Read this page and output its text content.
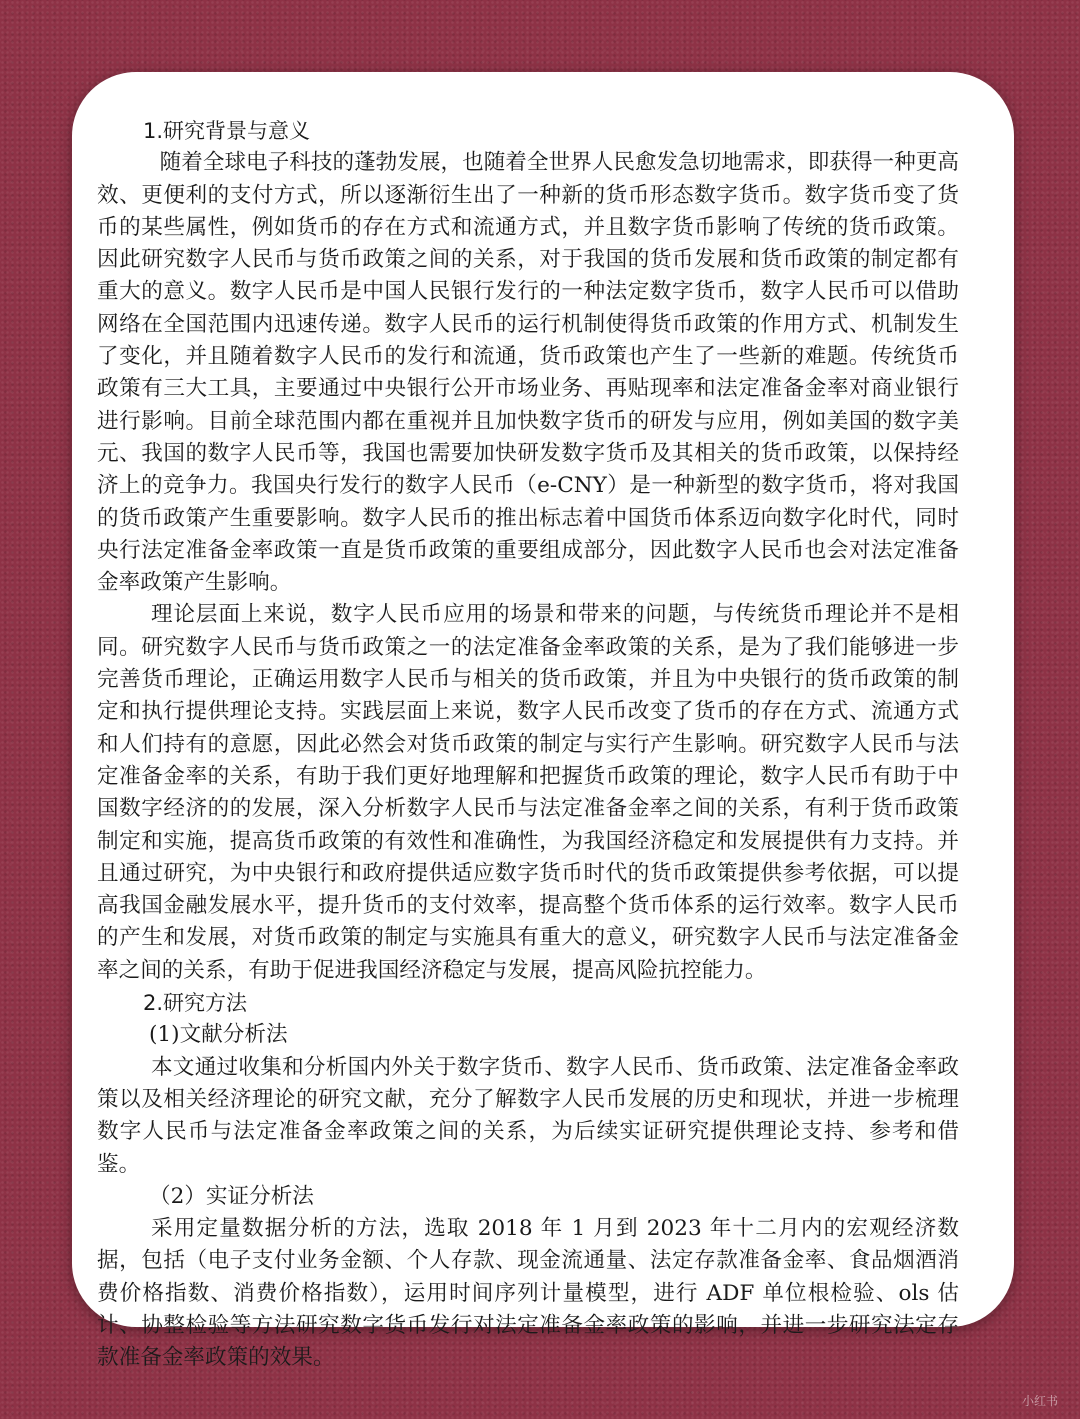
1.研究背景与意义

随着全球电子科技的蓬勃发展，也随着全世界人民愈发急切地需求，即获得一种更高效、更便利的支付方式，所以逐渐衍生出了一种新的货币形态数字货币。数字货币变了货币的某些属性，例如货币的存在方式和流通方式，并且数字货币影响了传统的货币政策。因此研究数字人民币与货币政策之间的关系，对于我国的货币发展和货币政策的制定都有重大的意义。数字人民币是中国人民银行发行的一种法定数字货币，数字人民币可以借助网络在全国范围内迅速传递。数字人民币的运行机制使得货币政策的作用方式、机制发生了变化，并且随着数字人民币的发行和流通，货币政策也产生了一些新的难题。传统货币政策有三大工具，主要通过中央银行公开市场业务、再贴现率和法定准备金率对商业银行进行影响。目前全球范围内都在重视并且加快数字货币的研发与应用，例如美国的数字美元、我国的数字人民币等，我国也需要加快研发数字货币及其相关的货币政策，以保持经济上的竞争力。我国央行发行的数字人民币（e-CNY）是一种新型的数字货币，将对我国的货币政策产生重要影响。数字人民币的推出标志着中国货币体系迈向数字化时代，同时央行法定准备金率政策一直是货币政策的重要组成部分，因此数字人民币也会对法定准备金率政策产生影响。

理论层面上来说，数字人民币应用的场景和带来的问题，与传统货币理论并不是相同。研究数字人民币与货币政策之一的法定准备金率政策的关系，是为了我们能够进一步完善货币理论，正确运用数字人民币与相关的货币政策，并且为中央银行的货币政策的制定和执行提供理论支持。实践层面上来说，数字人民币改变了货币的存在方式、流通方式和人们持有的意愿，因此必然会对货币政策的制定与实行产生影响。研究数字人民币与法定准备金率的关系，有助于我们更好地理解和把握货币政策的理论，数字人民币有助于中国数字经济的的发展，深入分析数字人民币与法定准备金率之间的关系，有利于货币政策制定和实施，提高货币政策的有效性和准确性，为我国经济稳定和发展提供有力支持。并且通过研究，为中央银行和政府提供适应数字货币时代的货币政策提供参考依据，可以提高我国金融发展水平，提升货币的支付效率，提高整个货币体系的运行效率。数字人民币的产生和发展，对货币政策的制定与实施具有重大的意义，研究数字人民币与法定准备金率之间的关系，有助于促进我国经济稳定与发展，提高风险抗控能力。

2.研究方法

(1)文献分析法

本文通过收集和分析国内外关于数字货币、数字人民币、货币政策、法定准备金率政策以及相关经济理论的研究文献，充分了解数字人民币发展的历史和现状，并进一步梳理数字人民币与法定准备金率政策之间的关系，为后续实证研究提供理论支持、参考和借鉴。

（2）实证分析法

采用定量数据分析的方法，选取 2018 年 1 月到 2023 年十二月内的宏观经济数据，包括（电子支付业务金额、个人存款、现金流通量、法定存款准备金率、食品烟酒消费价格指数、消费价格指数），运用时间序列计量模型，进行 ADF 单位根检验、ols 估计、协整检验等方法研究数字货币发行对法定准备金率政策的影响，并进一步研究法定存款准备金率政策的效果。

小红书
